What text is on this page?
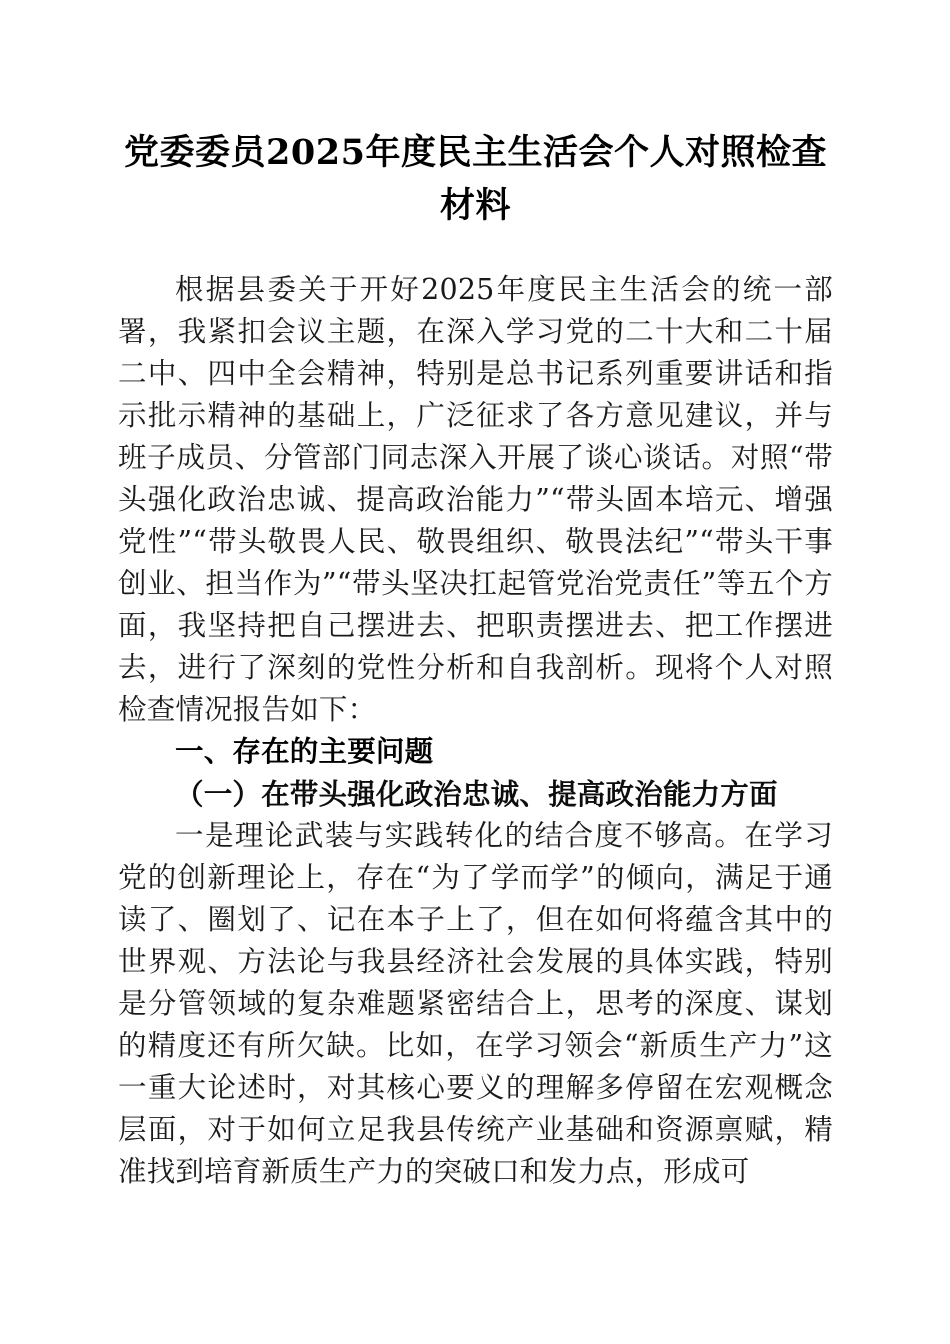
党委委员2025年度民主生活会个人对照检查材料

根据县委关于开好2025年度民主生活会的统一部署，我紧扣会议主题，在深入学习党的二十大和二十届二中、四中全会精神，特别是总书记系列重要讲话和指示批示精神的基础上，广泛征求了各方意见建议，并与班子成员、分管部门同志深入开展了谈心谈话。对照“带头强化政治忠诚、提高政治能力”“带头固本培元、增强党性”“带头敬畏人民、敬畏组织、敬畏法纪”“带头干事创业、担当作为”“带头坚决扛起管党治党责任”等五个方面，我坚持把自己摆进去、把职责摆进去、把工作摆进去，进行了深刻的党性分析和自我剖析。现将个人对照检查情况报告如下：

一、存在的主要问题
（一）在带头强化政治忠诚、提高政治能力方面

一是理论武装与实践转化的结合度不够高。在学习党的创新理论上，存在“为了学而学”的倾向，满足于通读了、圈划了、记在本子上了，但在如何将蕴含其中的世界观、方法论与我县经济社会发展的具体实践，特别是分管领域的复杂难题紧密结合上，思考的深度、谋划的精度还有所欠缺。比如，在学习领会“新质生产力”这一重大论述时，对其核心要义的理解多停留在宏观概念层面，对于如何立足我县传统产业基础和资源禀赋，精准找到培育新质生产力的突破口和发力点，形成可
